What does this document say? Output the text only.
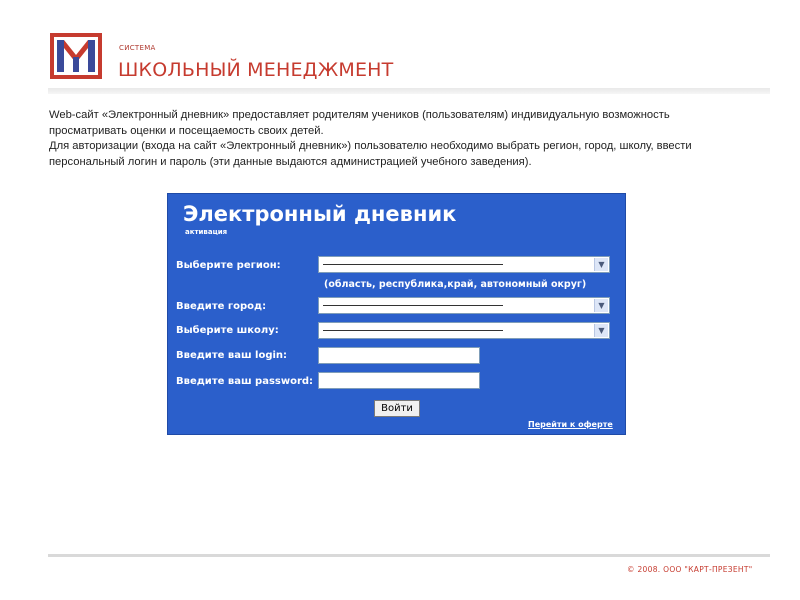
СИСТЕМА
ШКОЛЬНЫЙ МЕНЕДЖМЕНТ

Web-сайт «Электронный дневник» предоставляет родителям учеников (пользователям) индивидуальную возможность просматривать оценки и посещаемость своих детей.

Для авторизации (входа на сайт «Электронный дневник») пользователю необходимо выбрать регион, город, школу, ввести персональный логин и пароль (эти данные выдаются администрацией учебного заведения).

Электронный дневник
активация
Выберите регион:	▼
(область, республика,край, автономный округ)
Введите город:	▼
Выберите школу:	▼
Введите ваш login:
Введите ваш password:
Войти
Перейти к оферте
© 2008. ООО "КАРТ-ПРЕЗЕНТ"
